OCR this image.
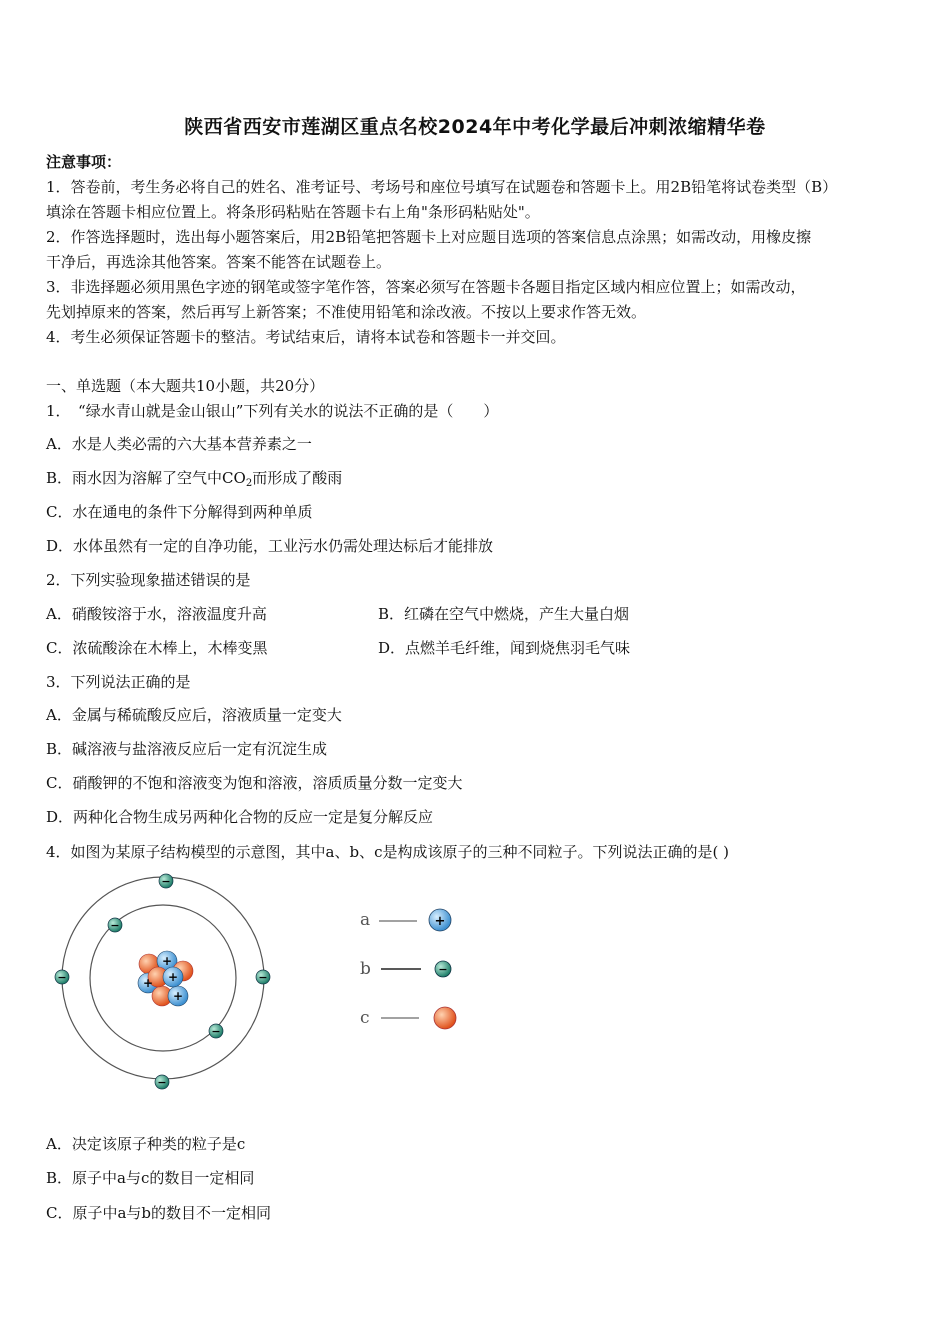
陕西省西安市莲湖区重点名校2024年中考化学最后冲刺浓缩精华卷
注意事项：
1．答卷前，考生务必将自己的姓名、准考证号、考场号和座位号填写在试题卷和答题卡上。用2B铅笔将试卷类型（B）
填涂在答题卡相应位置上。将条形码粘贴在答题卡右上角"条形码粘贴处"。
2．作答选择题时，选出每小题答案后，用2B铅笔把答题卡上对应题目选项的答案信息点涂黑；如需改动，用橡皮擦
干净后，再选涂其他答案。答案不能答在试题卷上。
3．非选择题必须用黑色字迹的钢笔或签字笔作答，答案必须写在答题卡各题目指定区域内相应位置上；如需改动，
先划掉原来的答案，然后再写上新答案；不准使用铅笔和涂改液。不按以上要求作答无效。
4．考生必须保证答题卡的整洁。考试结束后，请将本试卷和答题卡一并交回。
一、单选题（本大题共10小题，共20分）
1．　“绿水青山就是金山银山”下列有关水的说法不正确的是（　　）
A．水是人类必需的六大基本营养素之一
B．雨水因为溶解了空气中$CO_2$而形成了酸雨
C．水在通电的条件下分解得到两种单质
D．水体虽然有一定的自净功能，工业污水仍需处理达标后才能排放
2．下列实验现象描述错误的是
A．硝酸铵溶于水，溶液温度升高	B．红磷在空气中燃烧，产生大量白烟
C．浓硫酸涂在木棒上，木棒变黑	D．点燃羊毛纤维，闻到烧焦羽毛气味
3．下列说法正确的是
A．金属与稀硫酸反应后，溶液质量一定变大
B．碱溶液与盐溶液反应后一定有沉淀生成
C．硝酸钾的不饱和溶液变为饱和溶液，溶质质量分数一定变大
D．两种化合物生成另两种化合物的反应一定是复分解反应
4．如图为某原子结构模型的示意图，其中a、b、c是构成该原子的三种不同粒子。下列说法正确的是( )
+
+ +
+
−
−
−	−
−
−
a	+
b	−
c
A．决定该原子种类的粒子是c
B．原子中a与c的数目一定相同
C．原子中a与b的数目不一定相同
